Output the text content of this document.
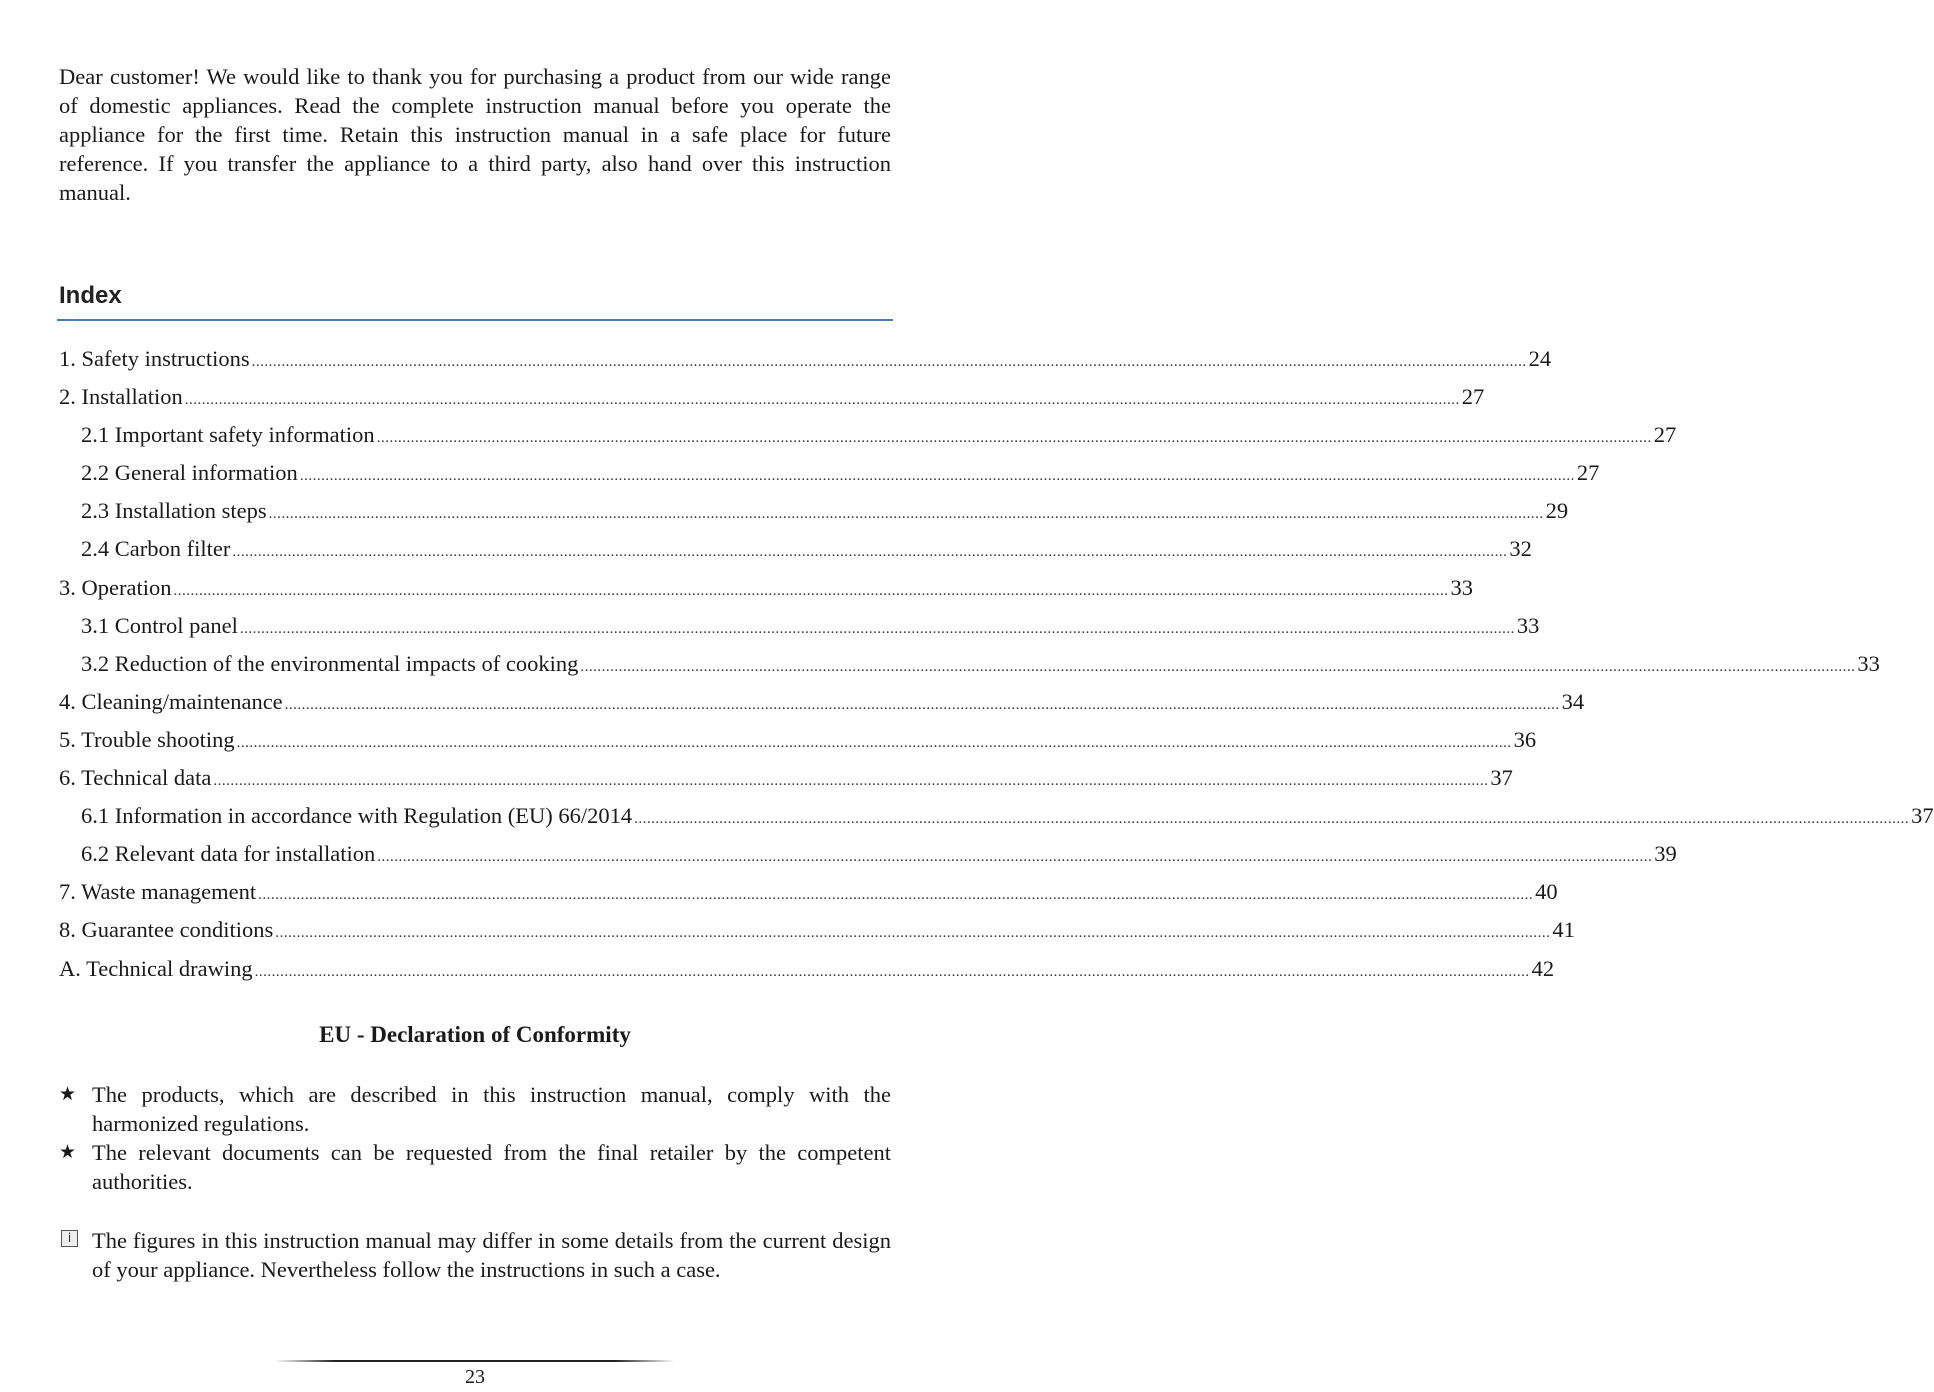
Dear customer! We would like to thank you for purchasing a product from our wide range of domestic appliances. Read the complete instruction manual before you operate the appliance for the first time. Retain this instruction manual in a safe place for future reference. If you transfer the appliance to a third party, also hand over this instruction manual.
Index
1. Safety instructions ............................................................................................................................................................................................................................................................................................................ 24
2. Installation ............................................................................................................................................................................................................................................................................................................ 27
2.1 Important safety information ............................................................................................................................................................................................................................................................................................................ 27
2.2 General information ............................................................................................................................................................................................................................................................................................................ 27
2.3 Installation steps ............................................................................................................................................................................................................................................................................................................ 29
2.4 Carbon filter ............................................................................................................................................................................................................................................................................................................ 32
3. Operation ............................................................................................................................................................................................................................................................................................................ 33
3.1 Control panel ............................................................................................................................................................................................................................................................................................................ 33
3.2 Reduction of the environmental impacts of cooking ............................................................................................................................................................................................................................................................................................................ 33
4. Cleaning/maintenance ............................................................................................................................................................................................................................................................................................................ 34
5. Trouble shooting ............................................................................................................................................................................................................................................................................................................ 36
6. Technical data ............................................................................................................................................................................................................................................................................................................ 37
6.1 Information in accordance with Regulation (EU) 66/2014 ............................................................................................................................................................................................................................................................................................................ 37
6.2 Relevant data for installation ............................................................................................................................................................................................................................................................................................................ 39
7. Waste management ............................................................................................................................................................................................................................................................................................................ 40
8. Guarantee conditions ............................................................................................................................................................................................................................................................................................................ 41
A. Technical drawing ............................................................................................................................................................................................................................................................................................................ 42
EU - Declaration of Conformity
★ The products, which are described in this instruction manual, comply with the harmonized regulations.
★ The relevant documents can be requested from the final retailer by the competent authorities.
i The figures in this instruction manual may differ in some details from the current design of your appliance. Nevertheless follow the instructions in such a case.
23
